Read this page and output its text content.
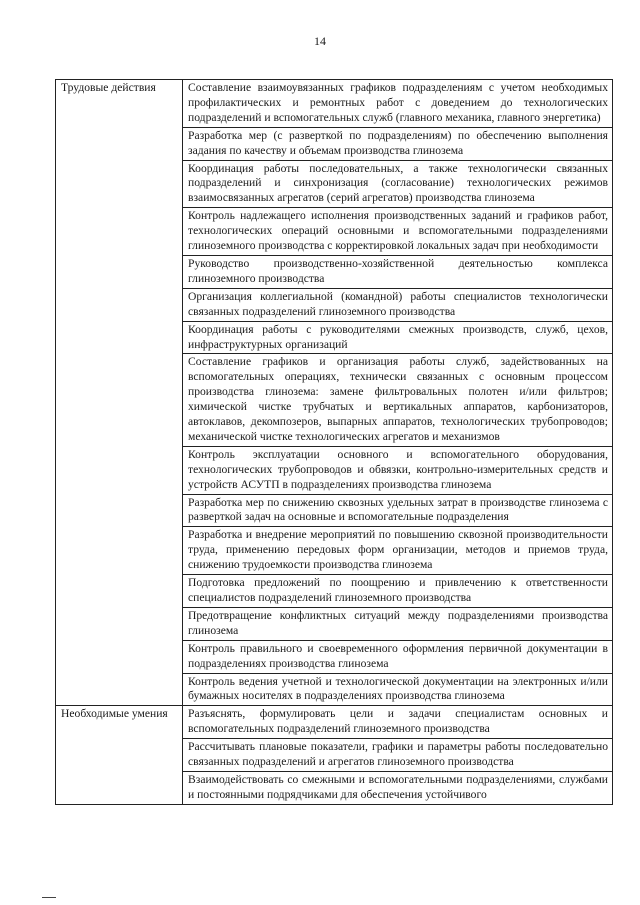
14
Трудовые действия	Составление взаимоувязанных графиков подразделениям с учетом необходимых профилактических и ремонтных работ с доведением до технологических подразделений и вспомогательных служб (главного механика, главного энергетика)
	Разработка мер (с разверткой по подразделениям) по обеспечению выполнения задания по качеству и объемам производства глинозема
	Координация работы последовательных, а также технологически связанных подразделений и синхронизация (согласование) технологических режимов взаимосвязанных агрегатов (серий агрегатов) производства глинозема
	Контроль надлежащего исполнения производственных заданий и графиков работ, технологических операций основными и вспомогательными подразделениями глиноземного производства с корректировкой локальных задач при необходимости
	Руководство производственно-хозяйственной деятельностью комплекса глиноземного производства
	Организация коллегиальной (командной) работы специалистов технологически связанных подразделений глиноземного производства
	Координация работы с руководителями смежных производств, служб, цехов, инфраструктурных организаций
	Составление графиков и организация работы служб, задействованных на вспомогательных операциях, технически связанных с основным процессом производства глинозема: замене фильтровальных полотен и/или фильтров; химической чистке трубчатых и вертикальных аппаратов, карбонизаторов, автоклавов, декомпозеров, выпарных аппаратов, технологических трубопроводов; механической чистке технологических агрегатов и механизмов
	Контроль эксплуатации основного и вспомогательного оборудования, технологических трубопроводов и обвязки, контрольно-измерительных средств и устройств АСУТП в подразделениях производства глинозема
	Разработка мер по снижению сквозных удельных затрат в производстве глинозема с разверткой задач на основные и вспомогательные подразделения
	Разработка и внедрение мероприятий по повышению сквозной производительности труда, применению передовых форм организации, методов и приемов труда, снижению трудоемкости производства глинозема
	Подготовка предложений по поощрению и привлечению к ответственности специалистов подразделений глиноземного производства
	Предотвращение конфликтных ситуаций между подразделениями производства глинозема
	Контроль правильного и своевременного оформления первичной документации в подразделениях производства глинозема
	Контроль ведения учетной и технологической документации на электронных и/или бумажных носителях в подразделениях производства глинозема
Необходимые умения	Разъяснять, формулировать цели и задачи специалистам основных и вспомогательных подразделений глиноземного производства
	Рассчитывать плановые показатели, графики и параметры работы последовательно связанных подразделений и агрегатов глиноземного производства
	Взаимодействовать со смежными и вспомогательными подразделениями, службами и постоянными подрядчиками для обеспечения устойчивого
